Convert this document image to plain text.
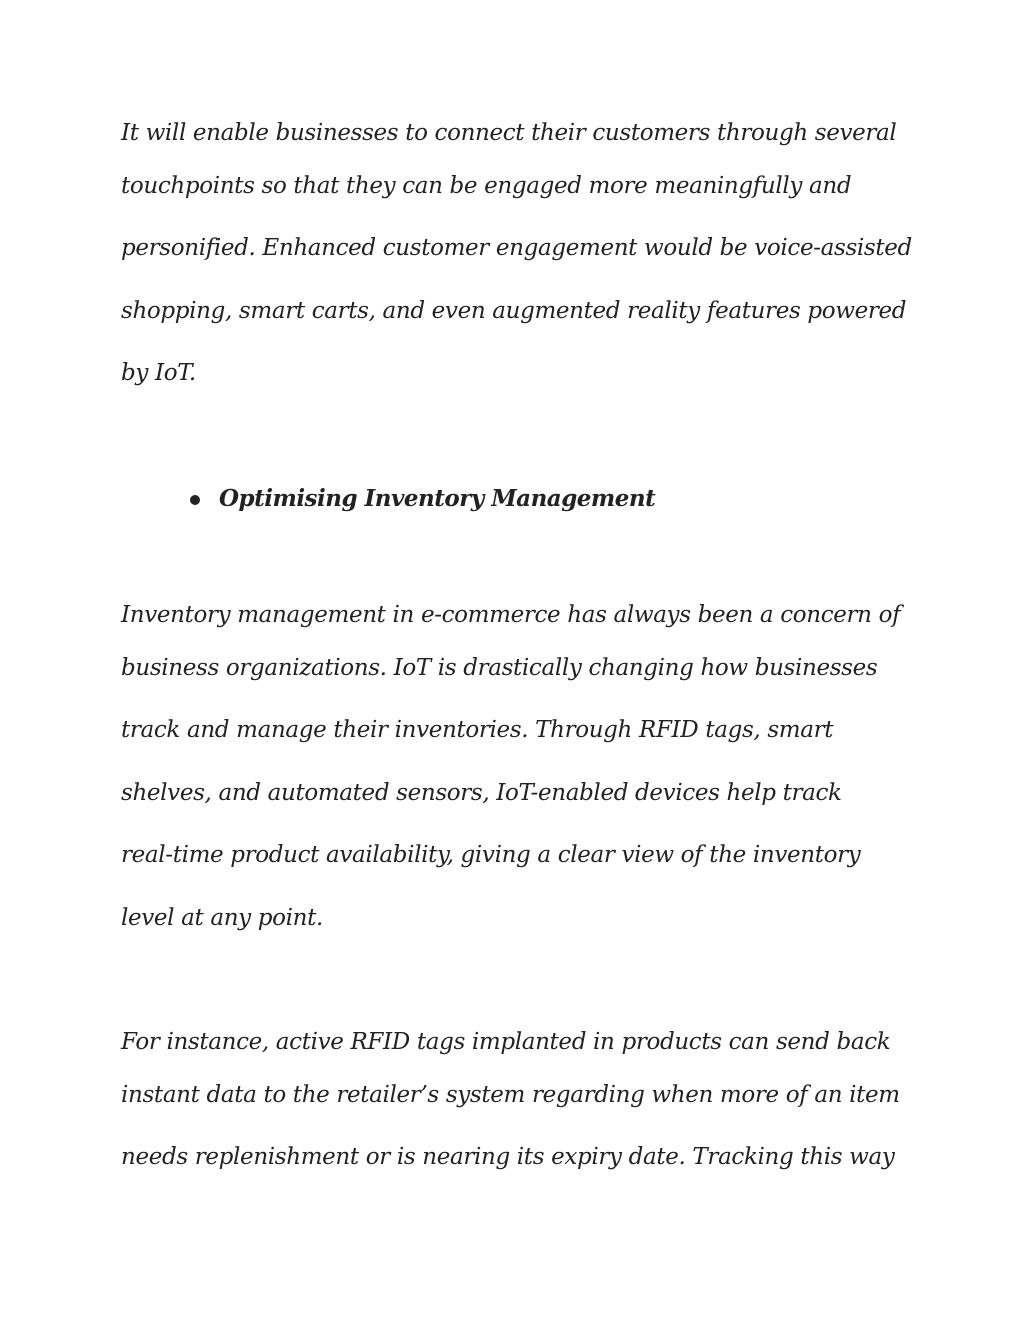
It will enable businesses to connect their customers through several

touchpoints so that they can be engaged more meaningfully and

personified. Enhanced customer engagement would be voice-assisted

shopping, smart carts, and even augmented reality features powered

by IoT.

Optimising Inventory Management

Inventory management in e-commerce has always been a concern of

business organizations. IoT is drastically changing how businesses

track and manage their inventories. Through RFID tags, smart

shelves, and automated sensors, IoT-enabled devices help track

real-time product availability, giving a clear view of the inventory

level at any point.

For instance, active RFID tags implanted in products can send back

instant data to the retailer’s system regarding when more of an item

needs replenishment or is nearing its expiry date. Tracking this way
